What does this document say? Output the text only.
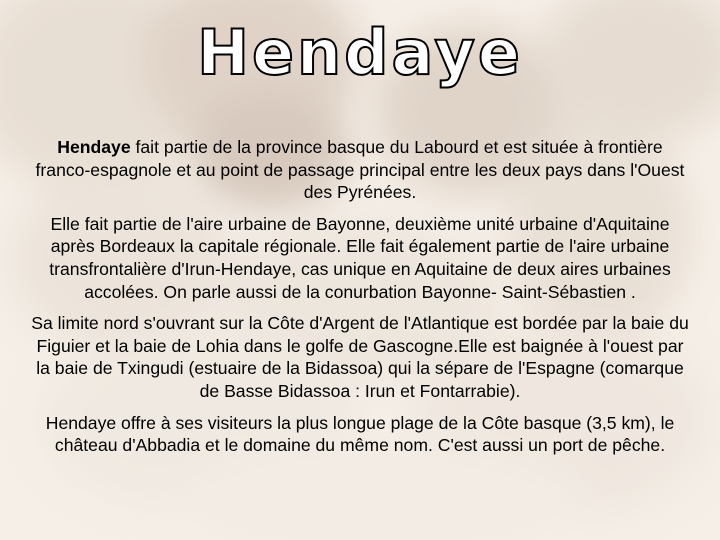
Hendaye

Hendaye fait partie de la province basque du Labourd et est située à frontière franco-espagnole et au point de passage principal entre les deux pays dans l'Ouest des Pyrénées.

Elle fait partie de l'aire urbaine de Bayonne, deuxième unité urbaine d'Aquitaine après Bordeaux la capitale régionale. Elle fait également partie de l'aire urbaine transfrontalière d'Irun-Hendaye, cas unique en Aquitaine de deux aires urbaines accolées. On parle aussi de la conurbation Bayonne- Saint-Sébastien .

Sa limite nord s'ouvrant sur la Côte d'Argent de l'Atlantique est bordée par la baie du Figuier et la baie de Lohia dans le golfe de Gascogne.Elle est baignée à l'ouest par la baie de Txingudi (estuaire de la Bidassoa) qui la sépare de l'Espagne (comarque de Basse Bidassoa : Irun et Fontarrabie).

Hendaye offre à ses visiteurs la plus longue plage de la Côte basque (3,5 km), le château d'Abbadia et le domaine du même nom. C'est aussi un port de pêche.
